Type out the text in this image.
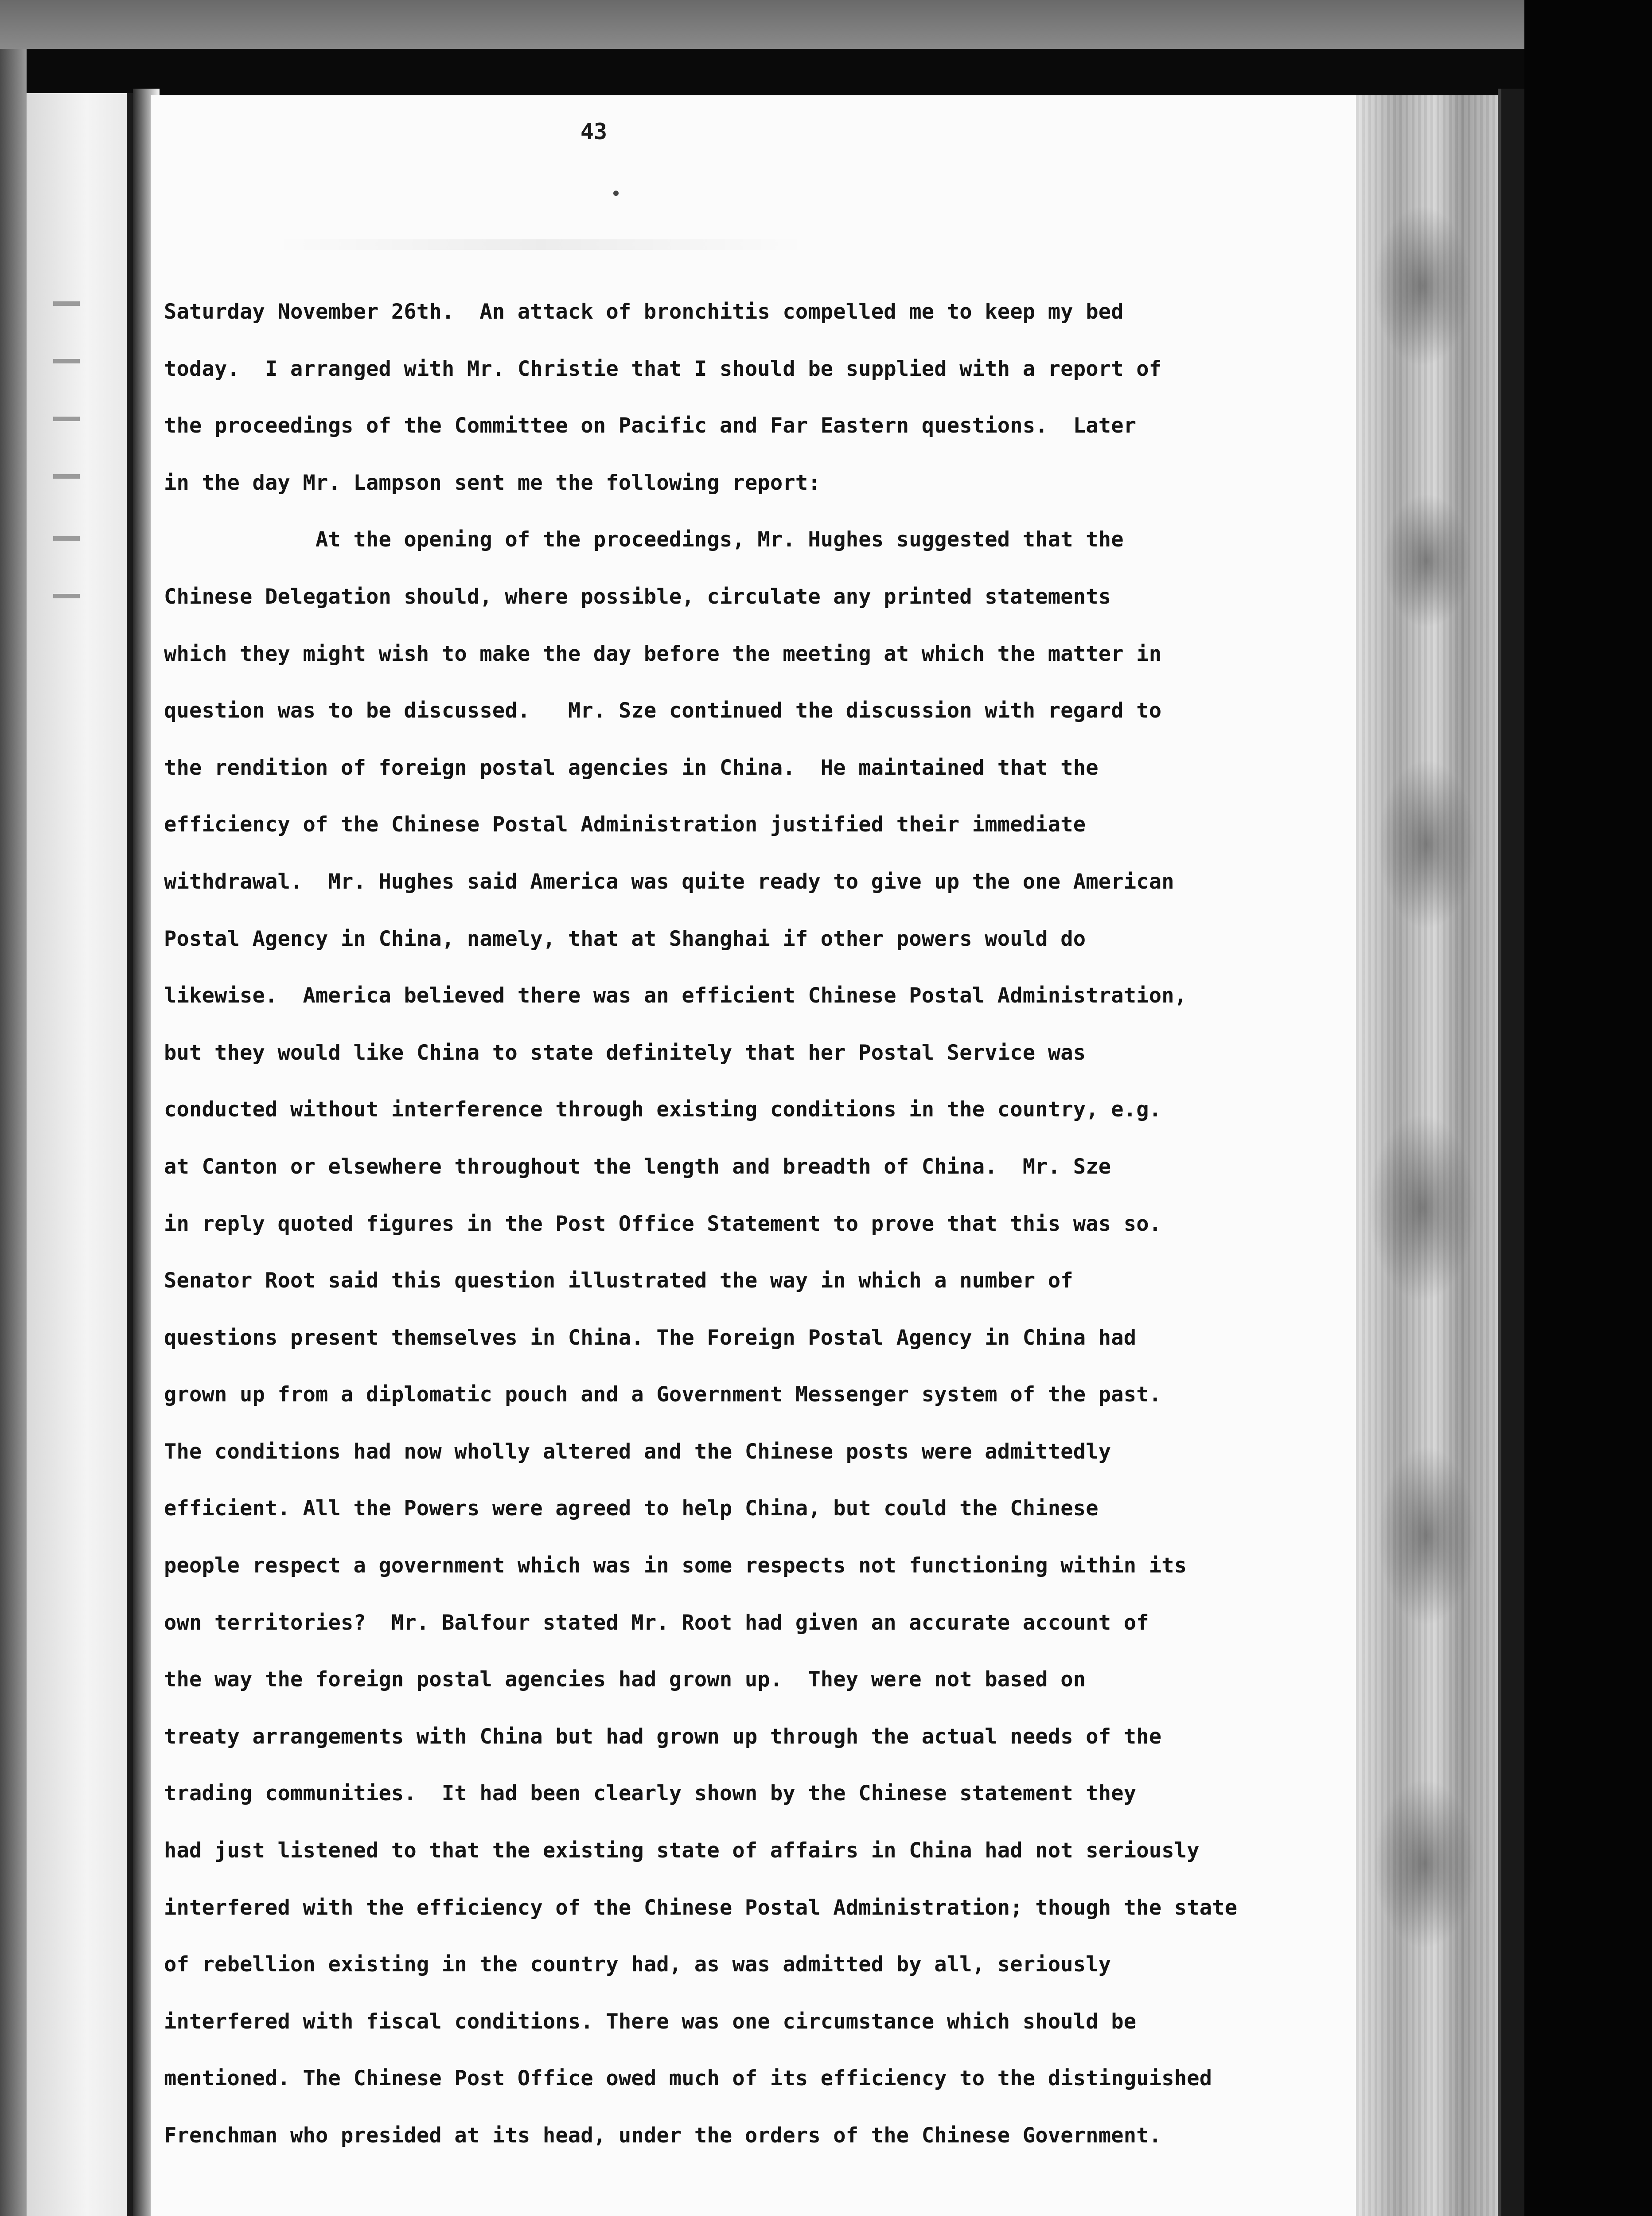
43
Saturday November 26th.  An attack of bronchitis compelled me to keep my bed
today.  I arranged with Mr. Christie that I should be supplied with a report of
the proceedings of the Committee on Pacific and Far Eastern questions.  Later
in the day Mr. Lampson sent me the following report:
At the opening of the proceedings, Mr. Hughes suggested that the
Chinese Delegation should, where possible, circulate any printed statements
which they might wish to make the day before the meeting at which the matter in
question was to be discussed.   Mr. Sze continued the discussion with regard to
the rendition of foreign postal agencies in China.  He maintained that the
efficiency of the Chinese Postal Administration justified their immediate
withdrawal.  Mr. Hughes said America was quite ready to give up the one American
Postal Agency in China, namely, that at Shanghai if other powers would do
likewise.  America believed there was an efficient Chinese Postal Administration,
but they would like China to state definitely that her Postal Service was
conducted without interference through existing conditions in the country, e.g.
at Canton or elsewhere throughout the length and breadth of China.  Mr. Sze
in reply quoted figures in the Post Office Statement to prove that this was so.
Senator Root said this question illustrated the way in which a number of
questions present themselves in China. The Foreign Postal Agency in China had
grown up from a diplomatic pouch and a Government Messenger system of the past.
The conditions had now wholly altered and the Chinese posts were admittedly
efficient. All the Powers were agreed to help China, but could the Chinese
people respect a government which was in some respects not functioning within its
own territories?  Mr. Balfour stated Mr. Root had given an accurate account of
the way the foreign postal agencies had grown up.  They were not based on
treaty arrangements with China but had grown up through the actual needs of the
trading communities.  It had been clearly shown by the Chinese statement they
had just listened to that the existing state of affairs in China had not seriously
interfered with the efficiency of the Chinese Postal Administration; though the state
of rebellion existing in the country had, as was admitted by all, seriously
interfered with fiscal conditions. There was one circumstance which should be
mentioned. The Chinese Post Office owed much of its efficiency to the distinguished
Frenchman who presided at its head, under the orders of the Chinese Government.
